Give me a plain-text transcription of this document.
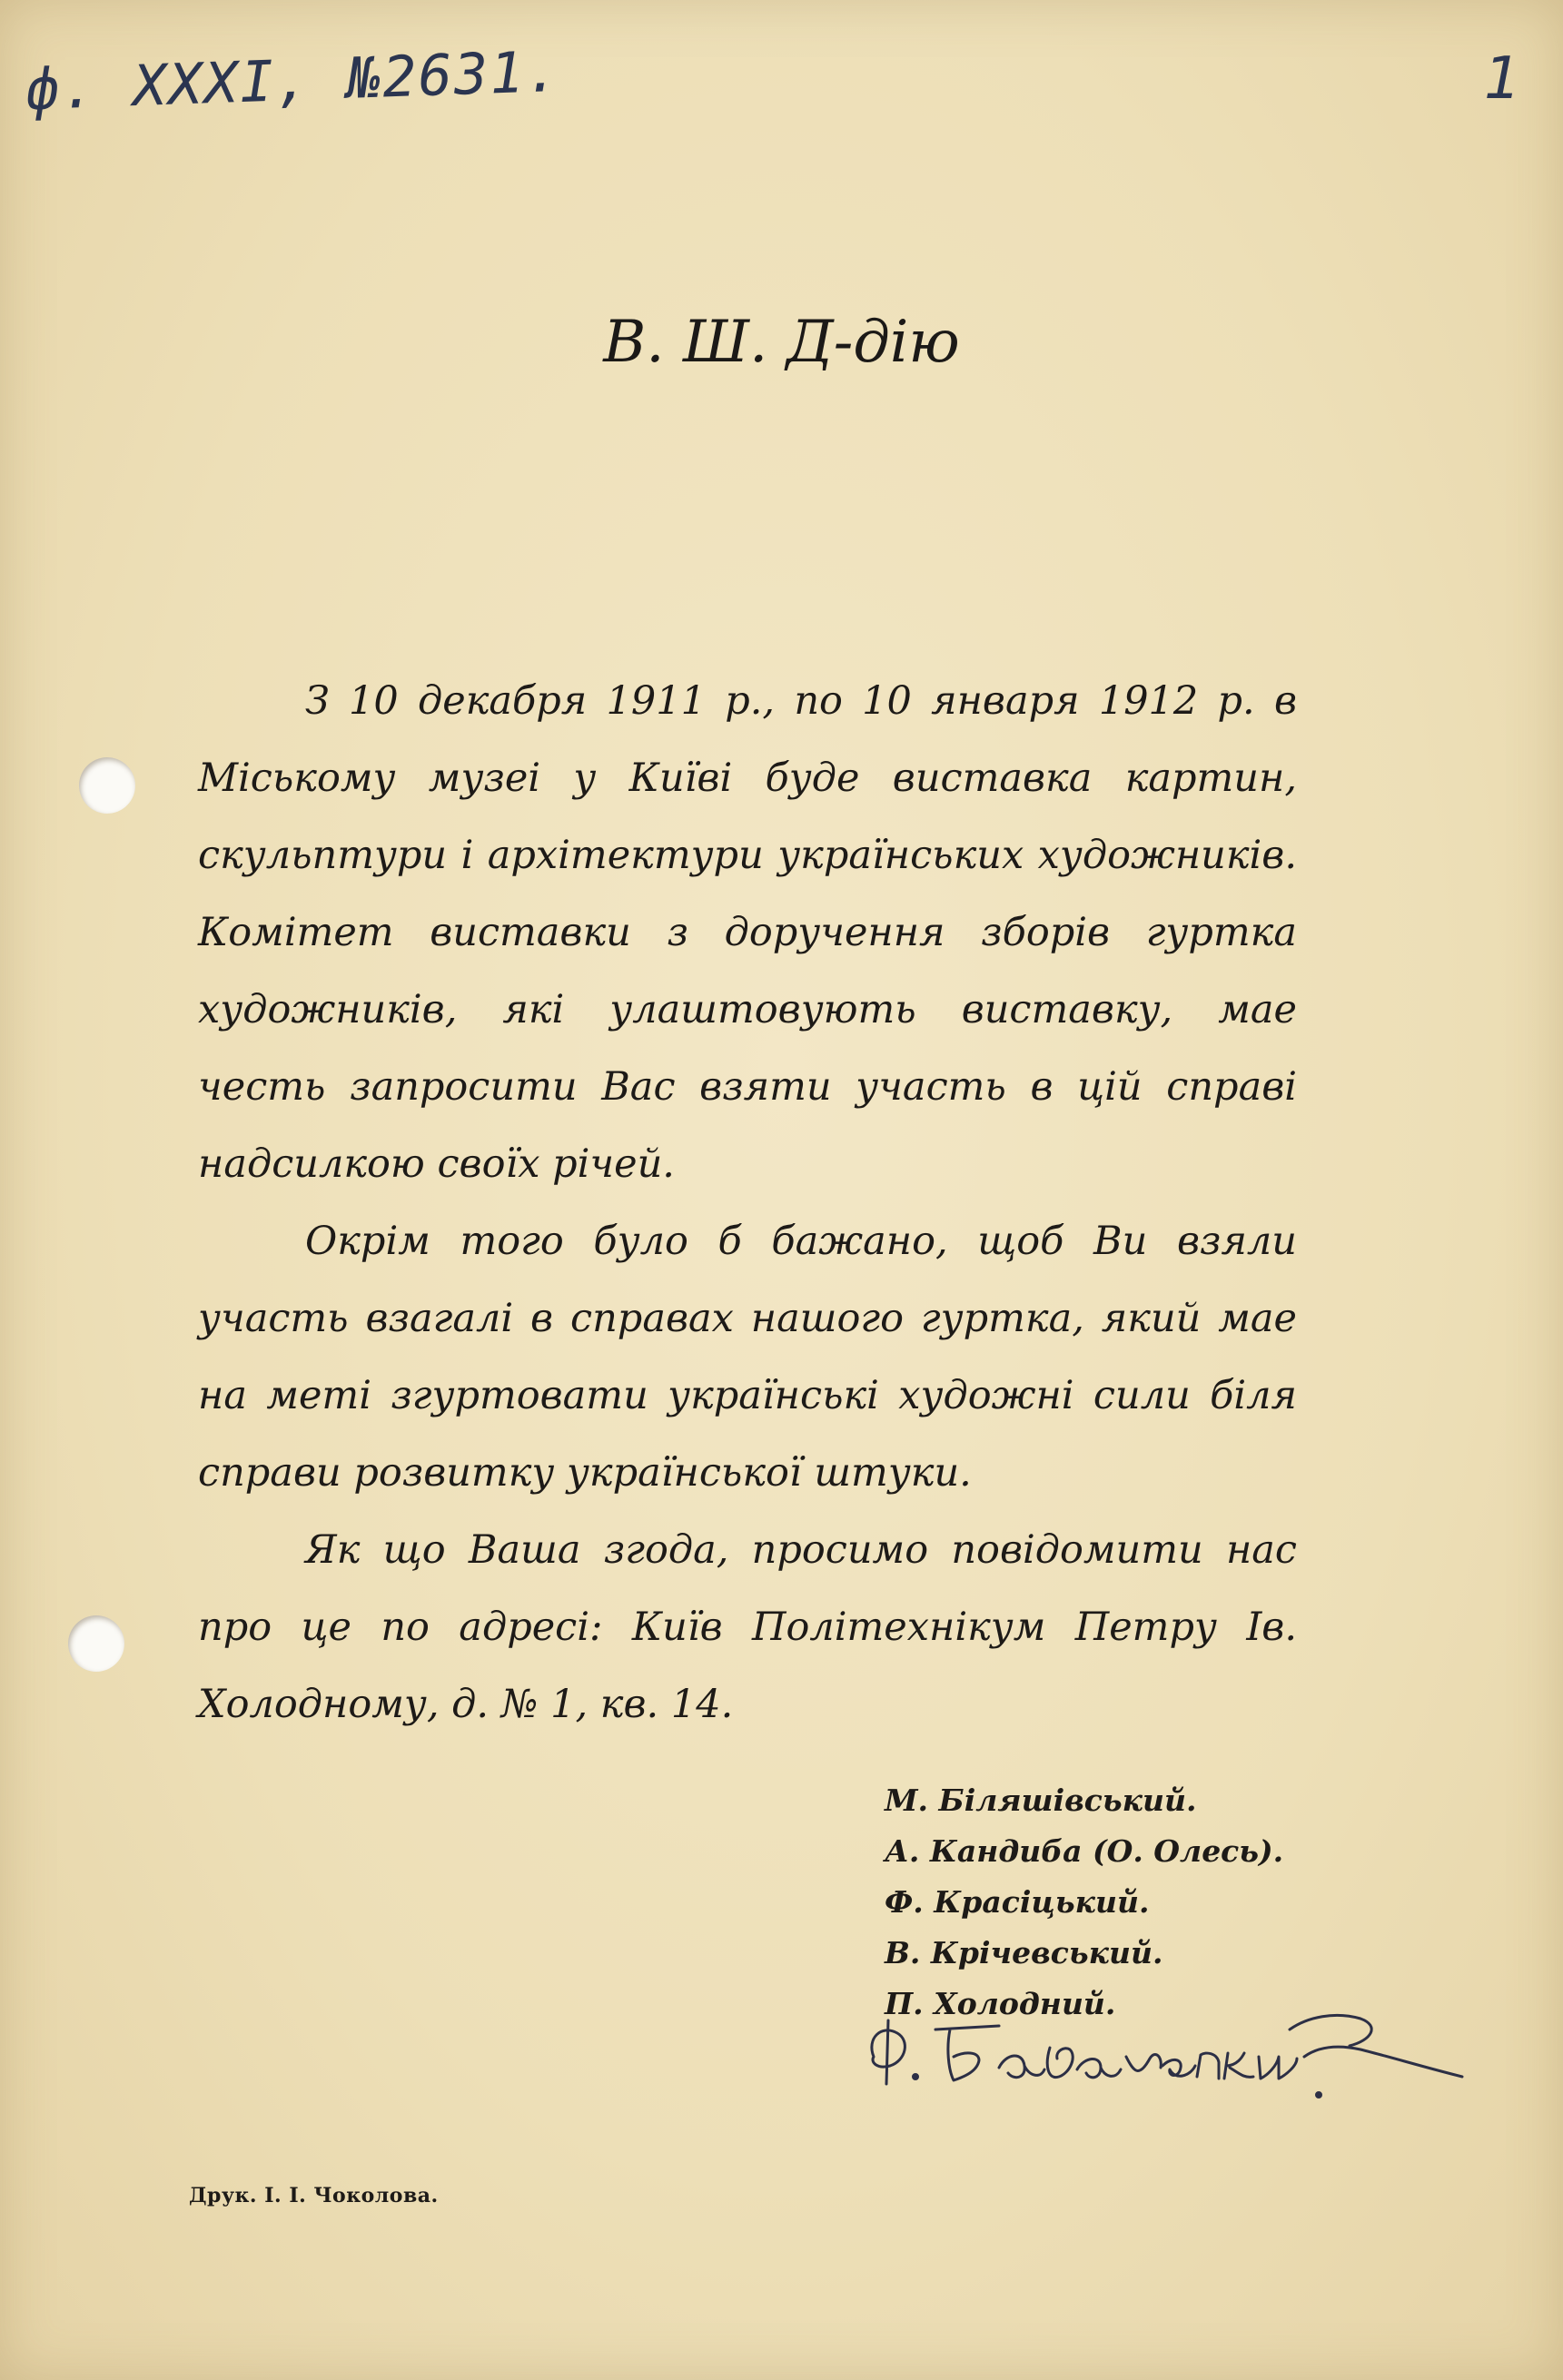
ф. XXXI, №2631.	1
В. Ш. Д-дію

З 10 декабря 1911 р., по 10 января 1912 р. в Міському музеі у Київі буде виставка картин, скульптури і архітектури українських художників. Комітет виставки з доручення зборів гуртка художників, які улаштовують виставку, мае честь запросити Вас взяти участь в цій справі надсилкою своїх річей.

Окрім того було б бажано, щоб Ви взяли участь взагалі в справах нашого гуртка, який мае на меті згуртовати українські художні сили біля справи розвитку української штуки.

Як що Ваша згода, просимо повідомити нас про це по адресі: Київ Політехнікум Петру Ів. Холодному, д. № 1, кв. 14.

М. Біляшівський.
А. Кандиба (О. Олесь).
Ф. Красіцький.
В. Крічевський.
П. Холодний.
Друк. І. І. Чоколова.
